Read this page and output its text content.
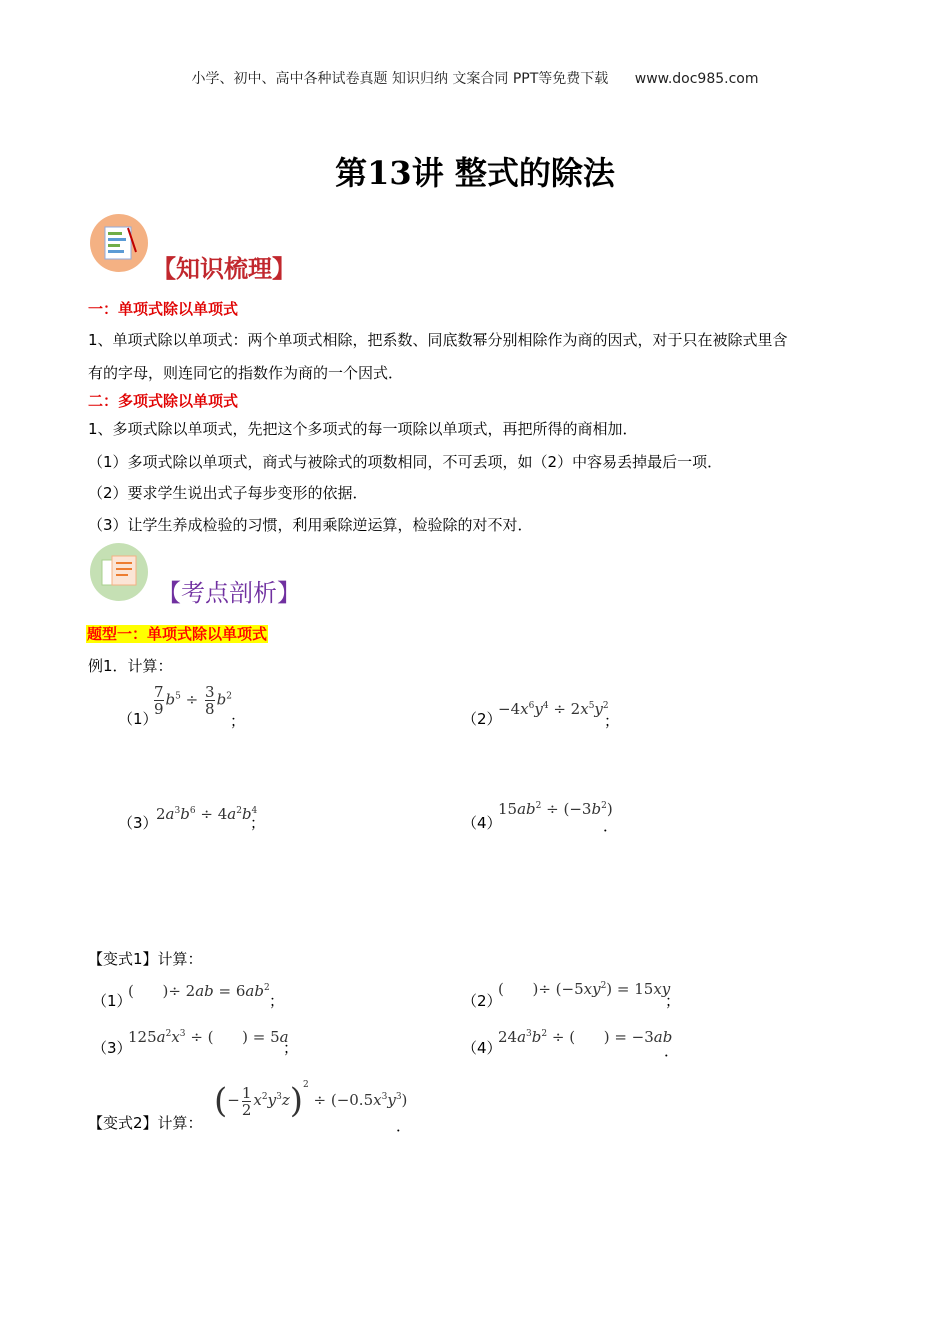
小学、初中、高中各种试卷真题 知识归纳 文案合同 PPT等免费下载 www.doc985.com
第13讲 整式的除法
【知识梳理】
一：单项式除以单项式
1、单项式除以单项式：两个单项式相除，把系数、同底数幂分别相除作为商的因式，对于只在被除式里含
有的字母，则连同它的指数作为商的一个因式．
二：多项式除以单项式
1、多项式除以单项式，先把这个多项式的每一项除以单项式，再把所得的商相加．
（1）多项式除以单项式，商式与被除式的项数相同，不可丢项，如（2）中容易丢掉最后一项．
（2）要求学生说出式子每步变形的依据．
（3）让学生养成检验的习惯，利用乘除逆运算，检验除的对不对．
【考点剖析】
题型一：单项式除以单项式
例1．计算：
（1）
$\frac{7}{9} b^5 \div \frac{3}{8} b^2$
；	（2）
$-4x^6y^4 \div 2x^5y^2$
；
（3）
$2a^3b^6 \div 4a^2b^4$
；	（4）
$15ab^2 \div (-3b^2)$
．
【变式1】计算：
（1）
(      )÷ $2ab = 6ab^2$
；	（2）
(      )÷ $(-5xy^2) = 15xy$
；
（3）
$125a^2x^3$ ÷ (      ) = 5a
；	（4）
$24a^3b^2$ ÷ (      ) = −3ab
．
【变式2】计算：
(− $\frac{1}{2} x^2y^3z)^2 \div (-0.5x^3y^3)$
．
